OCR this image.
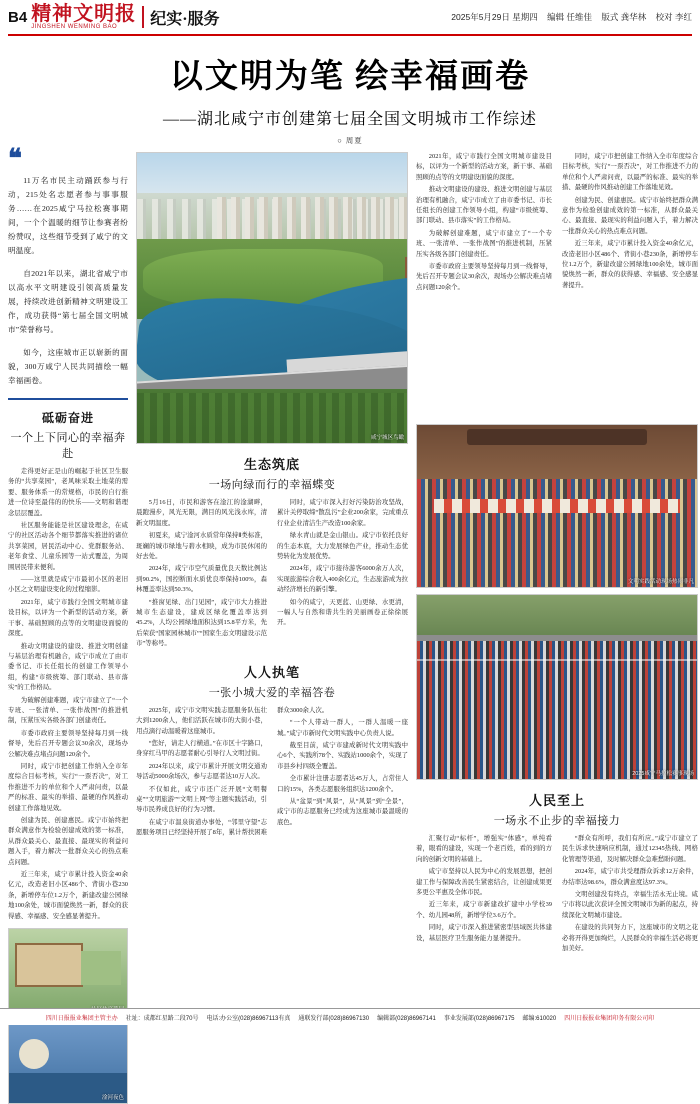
B4 精神文明报
JINGSHEN WENMING BAO	纪实·服务	2025年5月29日 星期四 编辑 任维佳 版式 龚华林 校对 李红
以文明为笔 绘幸福画卷
——湖北咸宁市创建第七届全国文明城市工作综述
○ 周夏
❝
11万名市民主动踊跃参与行动，215处名志愿者参与事事服务……在2025咸宁马拉松赛事期间，一个个温暖的细节让参赛者纷纷赞叹，这些细节受到了咸宁的文明温度。
自2021年以来，湖北省咸宁市以高水平文明建设引领高质量发展，持续改进创新精神文明建设工作，成功获得“第七届全国文明城市”荣誉称号。
如今，这座城市正以崭新的面貌，300万咸宁人民共同描绘一幅幸福画卷。
砥砺奋进
一个上下同心的幸福奔赴

走得更好正是山的崛起于社区卫生服务的“共享菜园”，老风味采取土地菜的需要、服务体系一的常规格，市民的自行推进一位诗至最伟的的快乐——文明和谐理念层层覆盖。

社区服务能能是社区建设理念，在咸宁的社区活动各个细节都落实推进的诸位共享菜园，居民活动中心、党群服务站、老年食堂、儿童乐园等一站式覆盖，为周围居民带来便利。

——这里就是咸宁市最初小区的老旧小区之文明建设变化的过程缩影。

2021年，咸宁市践行全国文明城市建设目标，以评为一个新型的活动方案，新干事、基础照顾的点等的文明建设面貌的深度。

推动文明建设的建设、推进文明创建与基层治理有机融合，咸宁市成立了由市委书记、市长任组长的创建工作领导小组，构建“市级统筹、部门联动、县市落实”的工作格局。

为破解创建难题，咸宁市建立了“一个专班、一张清单、一张作战图”的推进机制，压紧压实各级各部门创建责任。

市委市政府主要领导坚持每月到一线督导，先后召开专题会议30余次，现场办公解决难点堵点问题120余个。

同时，咸宁市把创建工作纳入全市年度综合目标考核，实行“一票否决”，对工作推进不力的单位和个人严肃问责，以最严的标准、最实的举措、最硬的作风推动创建工作落地见效。

创建为民、创建惠民。咸宁市始终把群众满意作为检验创建成效的第一标准，从群众最关心、最直接、最现实的利益问题入手，着力解决一批群众关心的热点难点问题。

近三年来，咸宁市累计投入资金40余亿元，改造老旧小区486个、背街小巷230条，新增停车位1.2万个，新建改建公园绿地100余处，城市面貌焕然一新，群众的获得感、幸福感、安全感显著提升。

淦河夜色
咸宁城区鸟瞰
生态筑底
一场向绿而行的幸福蝶变

5月16日，市民和游客在淦江的淦湖畔，晨跑漫步，风光无限，满目的风光浅水库，清新文明温度。

初夏来，咸宁淦河水质常年保持Ⅱ类标准，斑斓的城市绿地与碧水相映，成为市民休闲的好去处。

2024年，咸宁市空气质量优良天数比例达到90.2%，国控断面水质优良率保持100%，森林覆盖率达到50.3%。

“推窗见绿、出门见园”，咸宁市大力推进城市生态建设，建成区绿化覆盖率达到45.2%，人均公园绿地面积达到15.8平方米，先后荣获“国家园林城市”“国家生态文明建设示范市”等称号。

同时，咸宁市深入打好污染防治攻坚战，累计关停取缔“散乱污”企业200余家，完成重点行业企业清洁生产改造100余家。

绿水青山就是金山银山。咸宁市依托良好的生态本底，大力发展绿色产业，推动生态优势转化为发展优势。

2024年，咸宁市接待游客6000余万人次，实现旅游综合收入400余亿元，生态旅游成为拉动经济增长的新引擎。

如今的咸宁，天更蓝、山更绿、水更清，一幅人与自然和谐共生的美丽画卷正徐徐展开。

人人执笔
一张小城大爱的幸福答卷

2025年，咸宁市文明实践志愿服务队伍壮大到1200余人，他们活跃在城市的大街小巷，用点滴行动温暖着这座城市。

“您好，请走人行横道。”在市区十字路口，身穿红马甲的志愿者耐心引导行人文明过街。

2024年以来，咸宁市累计开展文明交通劝导活动5000余场次，参与志愿者达10万人次。

不仅如此，咸宁市还广泛开展“文明餐桌”“文明旅游”“文明上网”等主题实践活动，引导市民养成良好的行为习惯。

在咸宁市温泉街道办事处，“邻里守望”志愿服务项目已经坚持开展了8年，累计帮扶困难群众3000余人次。

“一个人带动一群人，一群人温暖一座城。”咸宁市新时代文明实践中心负责人说。

截至目前，咸宁市建成新时代文明实践中心6个、实践所78个、实践站1000余个，实现了市县乡村四级全覆盖。

全市累计注册志愿者达45万人，占常住人口的15%，各类志愿服务组织达1200余个。

从“盆景”到“风景”，从“风景”到“全景”，咸宁市的志愿服务已经成为这座城市最温暖的底色。

2021年，咸宁市践行全国文明城市建设目标，以评为一个新型的活动方案，新干事、基础照顾的点等的文明建设面貌的深度。

推动文明建设的建设、推进文明创建与基层治理有机融合，咸宁市成立了由市委书记、市长任组长的创建工作领导小组，构建“市级统筹、部门联动、县市落实”的工作格局。

为破解创建难题，咸宁市建立了“一个专班、一张清单、一张作战图”的推进机制，压紧压实各级各部门创建责任。

市委市政府主要领导坚持每月到一线督导，先后召开专题会议30余次，现场办公解决难点堵点问题120余个。

同时，咸宁市把创建工作纳入全市年度综合目标考核，实行“一票否决”，对工作推进不力的单位和个人严肃问责，以最严的标准、最实的举措、最硬的作风推动创建工作落地见效。

创建为民、创建惠民。咸宁市始终把群众满意作为检验创建成效的第一标准，从群众最关心、最直接、最现实的利益问题入手，着力解决一批群众关心的热点难点问题。

近三年来，咸宁市累计投入资金40余亿元，改造老旧小区486个、背街小巷230条，新增停车位1.2万个，新建改建公园绿地100余处，城市面貌焕然一新，群众的获得感、幸福感、安全感显著提升。

文明实践活动现场热闹非凡
2025咸宁马拉松赛事现场
人民至上
一场永不止步的幸福接力

汇聚行动“标杆”，增强实“体感”，单纯看着，眼看的建设，实现一个老百姓，看的到的方向的创新文明的基础上。

咸宁市坚持以人民为中心的发展思想，把创建工作与保障改善民生紧密结合，让创建成果更多更公平惠及全体市民。

近三年来，咸宁市新建改扩建中小学校39个、幼儿园48所，新增学位3.6万个。

同时，咸宁市深入推进紧密型县域医共体建设，基层医疗卫生服务能力显著提升。

“群众有所呼，我们有所应。”咸宁市建立了民生诉求快速响应机制，通过12345热线、网格化管理等渠道，及时解决群众急难愁盼问题。

2024年，咸宁市共受理群众诉求12万余件，办结率达98.6%，群众满意度达97.3%。

文明创建没有终点，幸福生活永无止境。咸宁市将以此次获评全国文明城市为新的起点，持续深化文明城市建设。

在建设的共同努力下，这座城市的文明之花必将开得更加绚烂，人民群众的幸福生活必将更加美好。

四川日报报业集团主管主办 社址：成都红星路二段70号 电话:办公室(028)86967113有真 通联发行部(028)86967130 编辑部(028)86967141 事业发展部(028)86967175 邮编:610020 四川日报报业集团印务有限公司印
